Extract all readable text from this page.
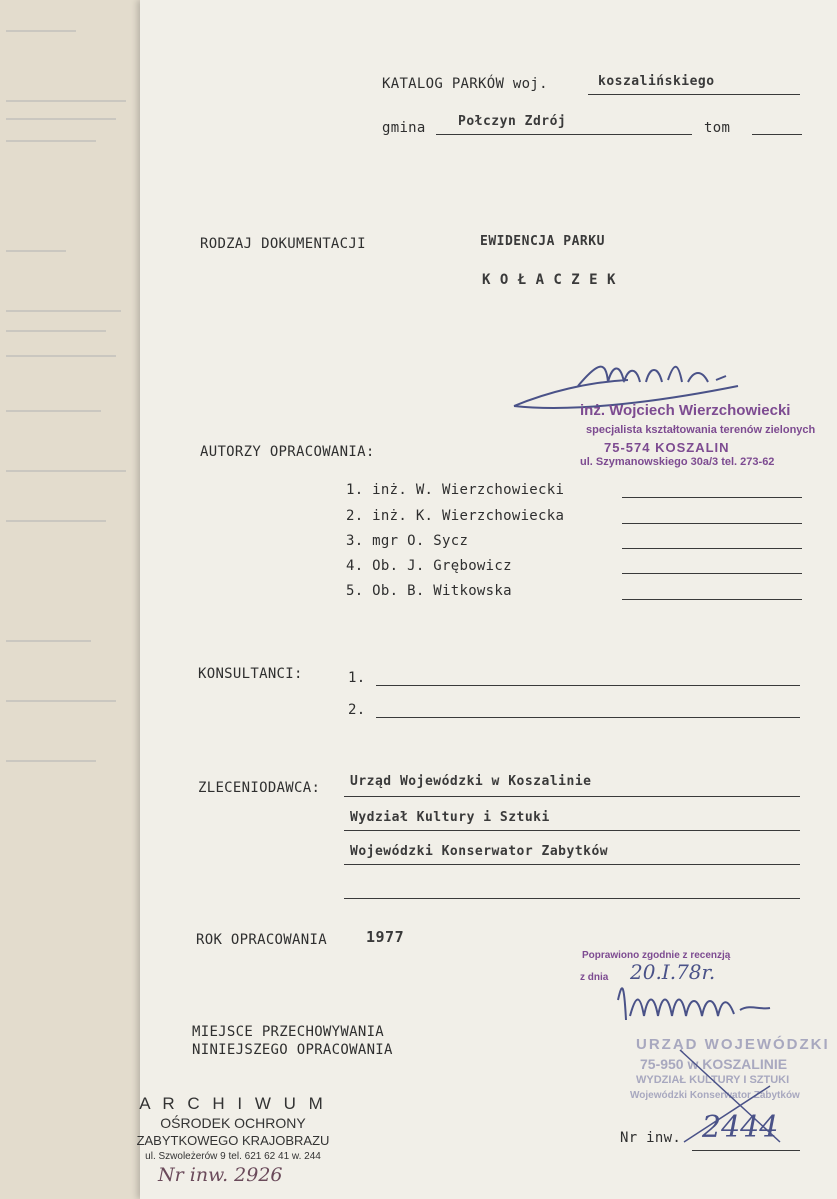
KATALOG PARKÓW woj.	koszalińskiego
gmina Połczyn Zdrój	tom
RODZAJ DOKUMENTACJI	EWIDENCJA PARKU
K O Ł A C Z E K
inż. Wojciech Wierzchowiecki
specjalista kształtowania terenów zielonych
75-574 KOSZALIN
ul. Szymanowskiego 30a/3 tel. 273-62
AUTORZY OPRACOWANIA:
1. inż. W. Wierzchowiecki
2. inż. K. Wierzchowiecka
3. mgr O. Sycz
4. Ob. J. Grębowicz
5. Ob. B. Witkowska
KONSULTANCI:	1.
2.
ZLECENIODAWCA: Urząd Wojewódzki w Koszalinie
Wydział Kultury i Sztuki
Wojewódzki Konserwator Zabytków
ROK OPRACOWANIA	1977
Poprawiono zgodnie z recenzją
z dnia 20.I.78r.
MIEJSCE PRZECHOWYWANIA
NINIEJSZEGO OPRACOWANIA	URZĄD WOJEWÓDZKI
75-950 w KOSZALINIE
WYDZIAŁ KULTURY I SZTUKI
Wojewódzki Konserwator Zabytków
Nr inw. 2444
A R C H I W U M
OŚRODEK OCHRONY
ZABYTKOWEGO KRAJOBRAZU
ul. Szwoleżerów 9 tel. 621 62 41 w. 244
Nr inw. 2926
